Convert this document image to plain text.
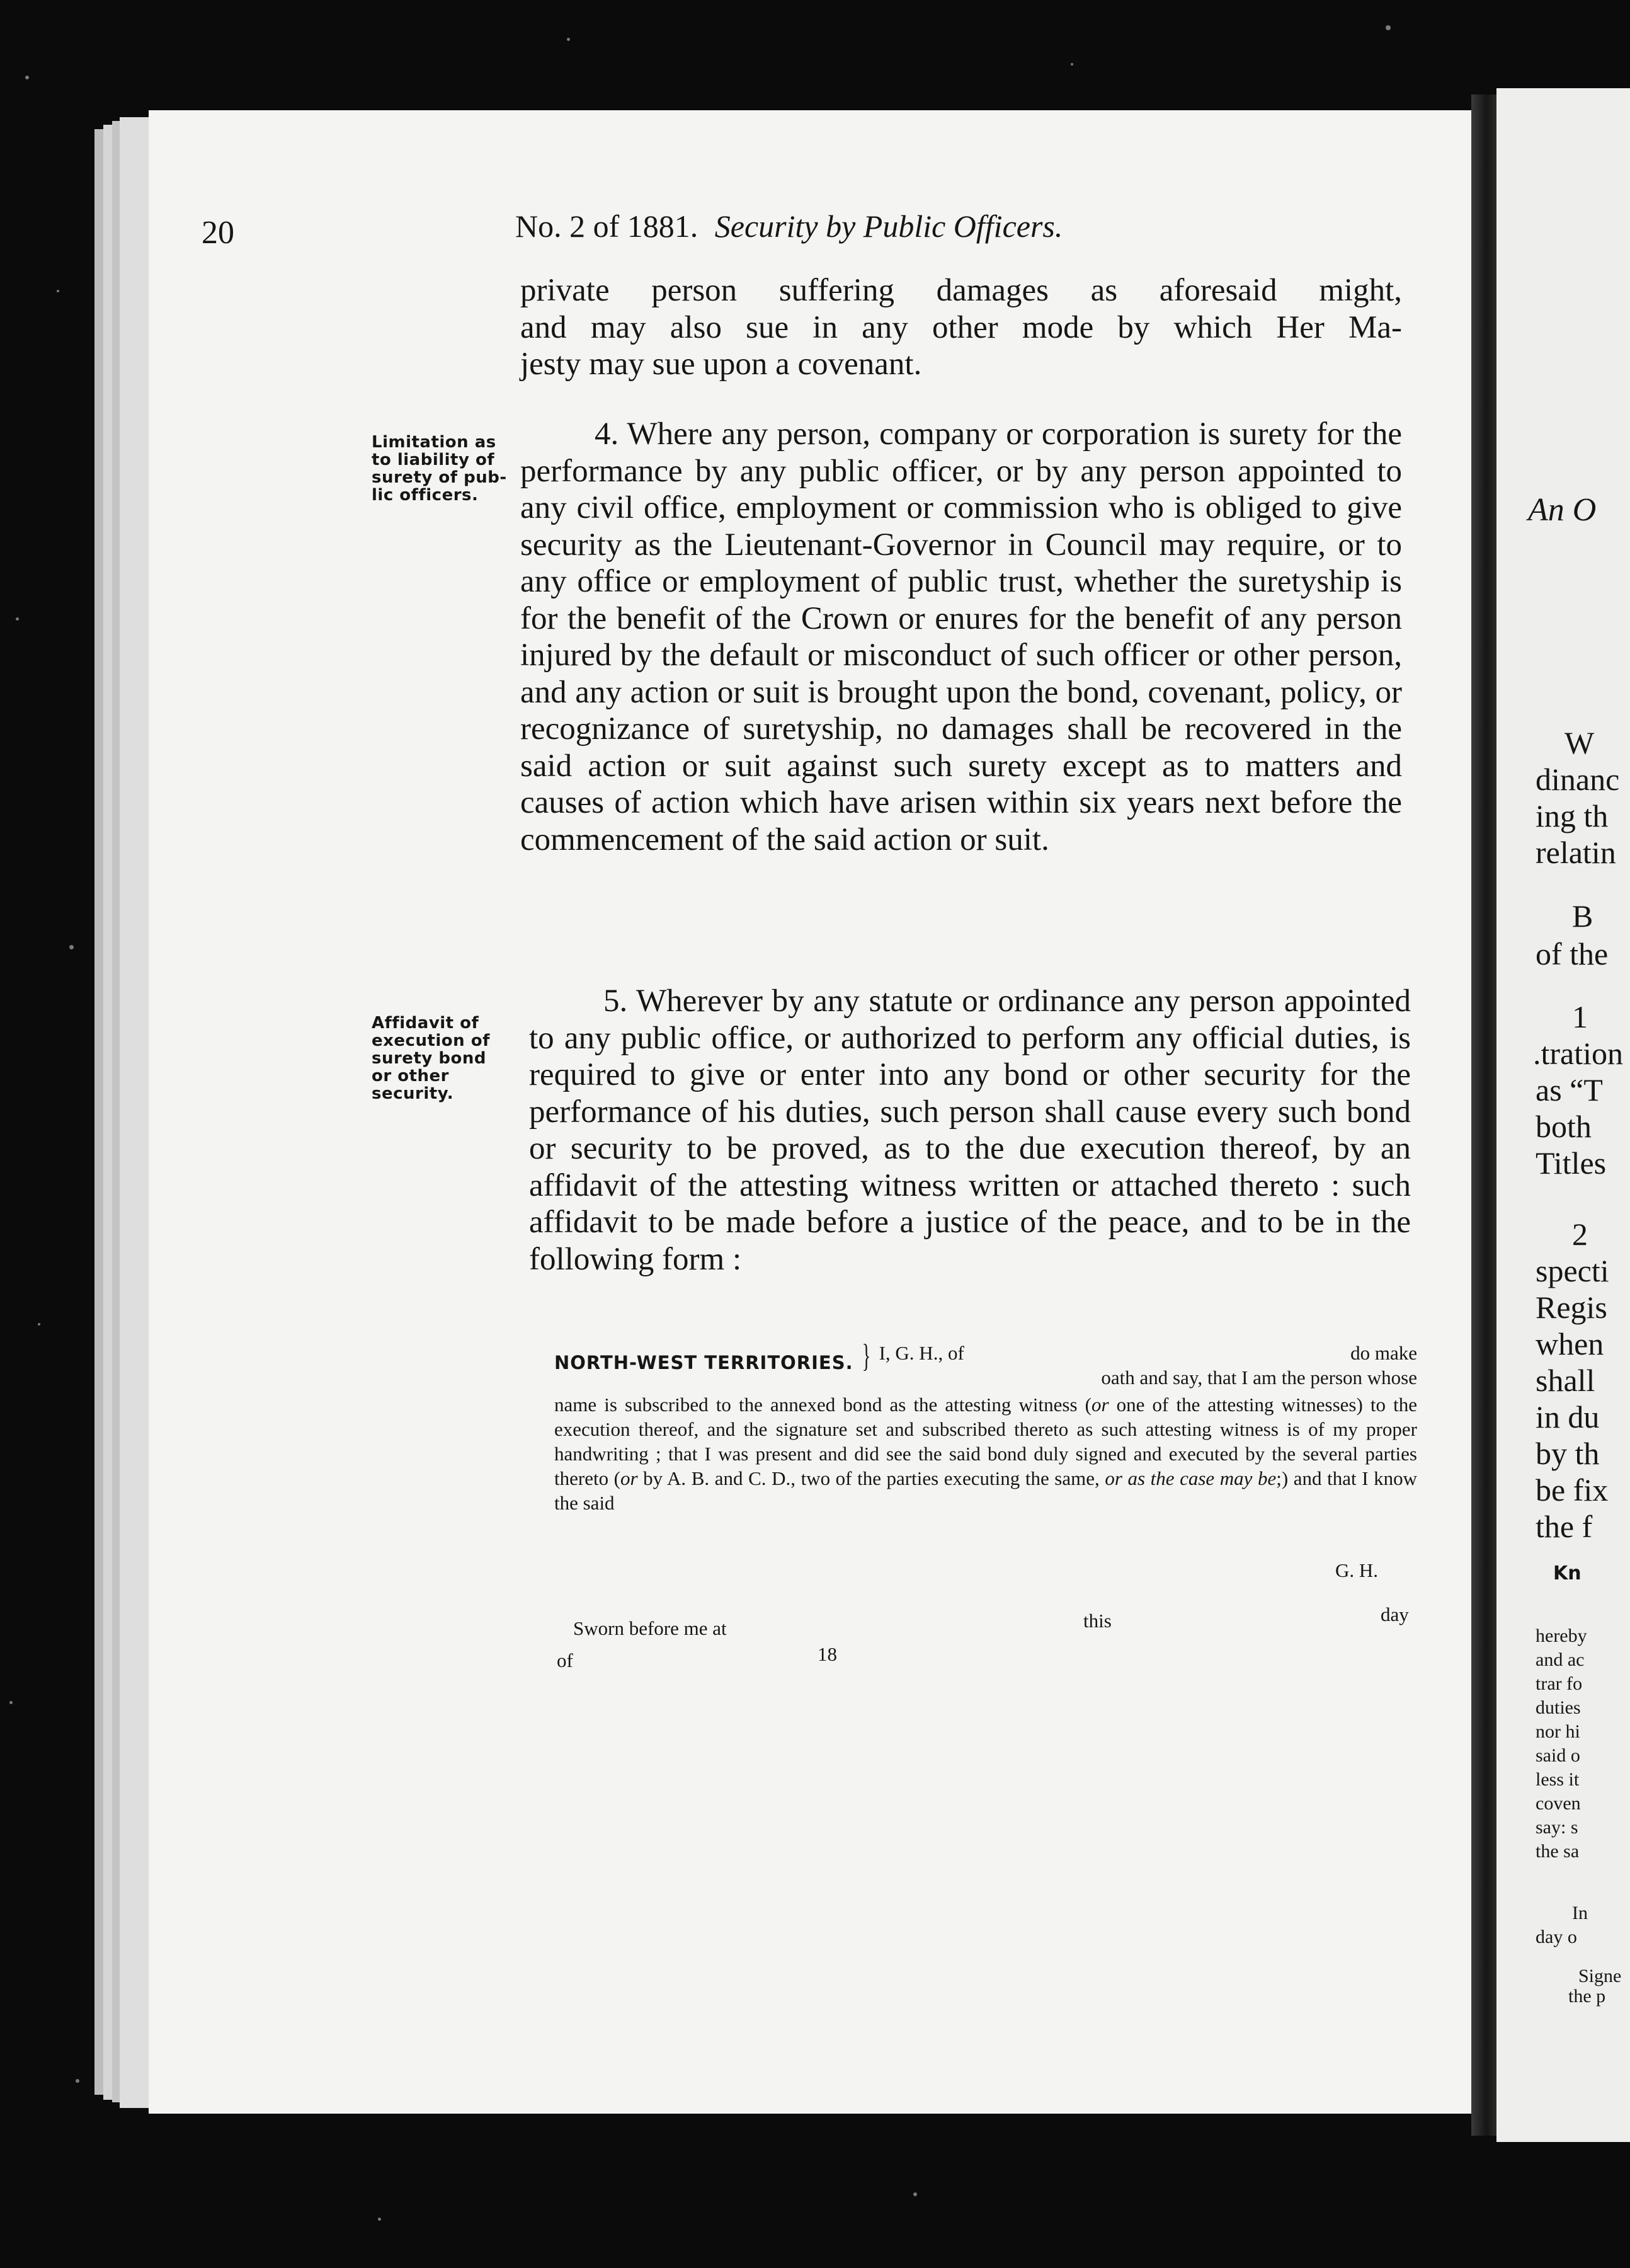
20	No. 2 of 1881. Security by Public Officers.
private person suffering damages as aforesaid might,
and may also sue in any other mode by which Her Ma-
jesty may sue upon a covenant.
Limitation as
to liability of
surety of pub-
lic officers.

4. Where any person, company or corporation is surety for the performance by any public officer, or by any person appointed to any civil office, employment or commission who is obliged to give security as the Lieutenant-Governor in Council may require, or to any office or employment of public trust, whether the suretyship is for the benefit of the Crown or enures for the benefit of any person injured by the default or misconduct of such officer or other person, and any action or suit is brought upon the bond, covenant, policy, or recognizance of suretyship, no damages shall be recovered in the said action or suit against such surety except as to matters and causes of action which have arisen within six years next before the commencement of the said action or suit.

Affidavit of
execution of
surety bond
or other
security.

5. Wherever by any statute or ordinance any person appointed to any public office, or authorized to perform any official duties, is required to give or enter into any bond or other security for the performance of his duties, such person shall cause every such bond or security to be proved, as to the due execution thereof, by an affidavit of the attesting witness written or attached thereto : such affidavit to be made before a justice of the peace, and to be in the following form :

NORTH-WEST TERRITORIES. } I, G. H., of	do make
oath and say, that I am the person whose
name is subscribed to the annexed bond as the attesting witness (or one of the attesting witnesses) to the execution thereof, and the signature set and subscribed thereto as such attesting witness is of my proper handwriting ; that I was present and did see the said bond duly signed and executed by the several parties thereto (or by A. B. and C. D., two of the parties executing the same, or as the case may be;) and that I know the said
G. H.
Sworn before me at	this	day
of	18
An O
W
dinanc
ing th
relatin
B
of the
1
.tration
as “T
both
Titles
2
specti
Regis
when
shall
in du
by th
be fix
the f
Kn
hereby
and ac
trar fo
duties
nor hi
said o
less it
coven
say: s
the sa
In
day o
Signe
the p
